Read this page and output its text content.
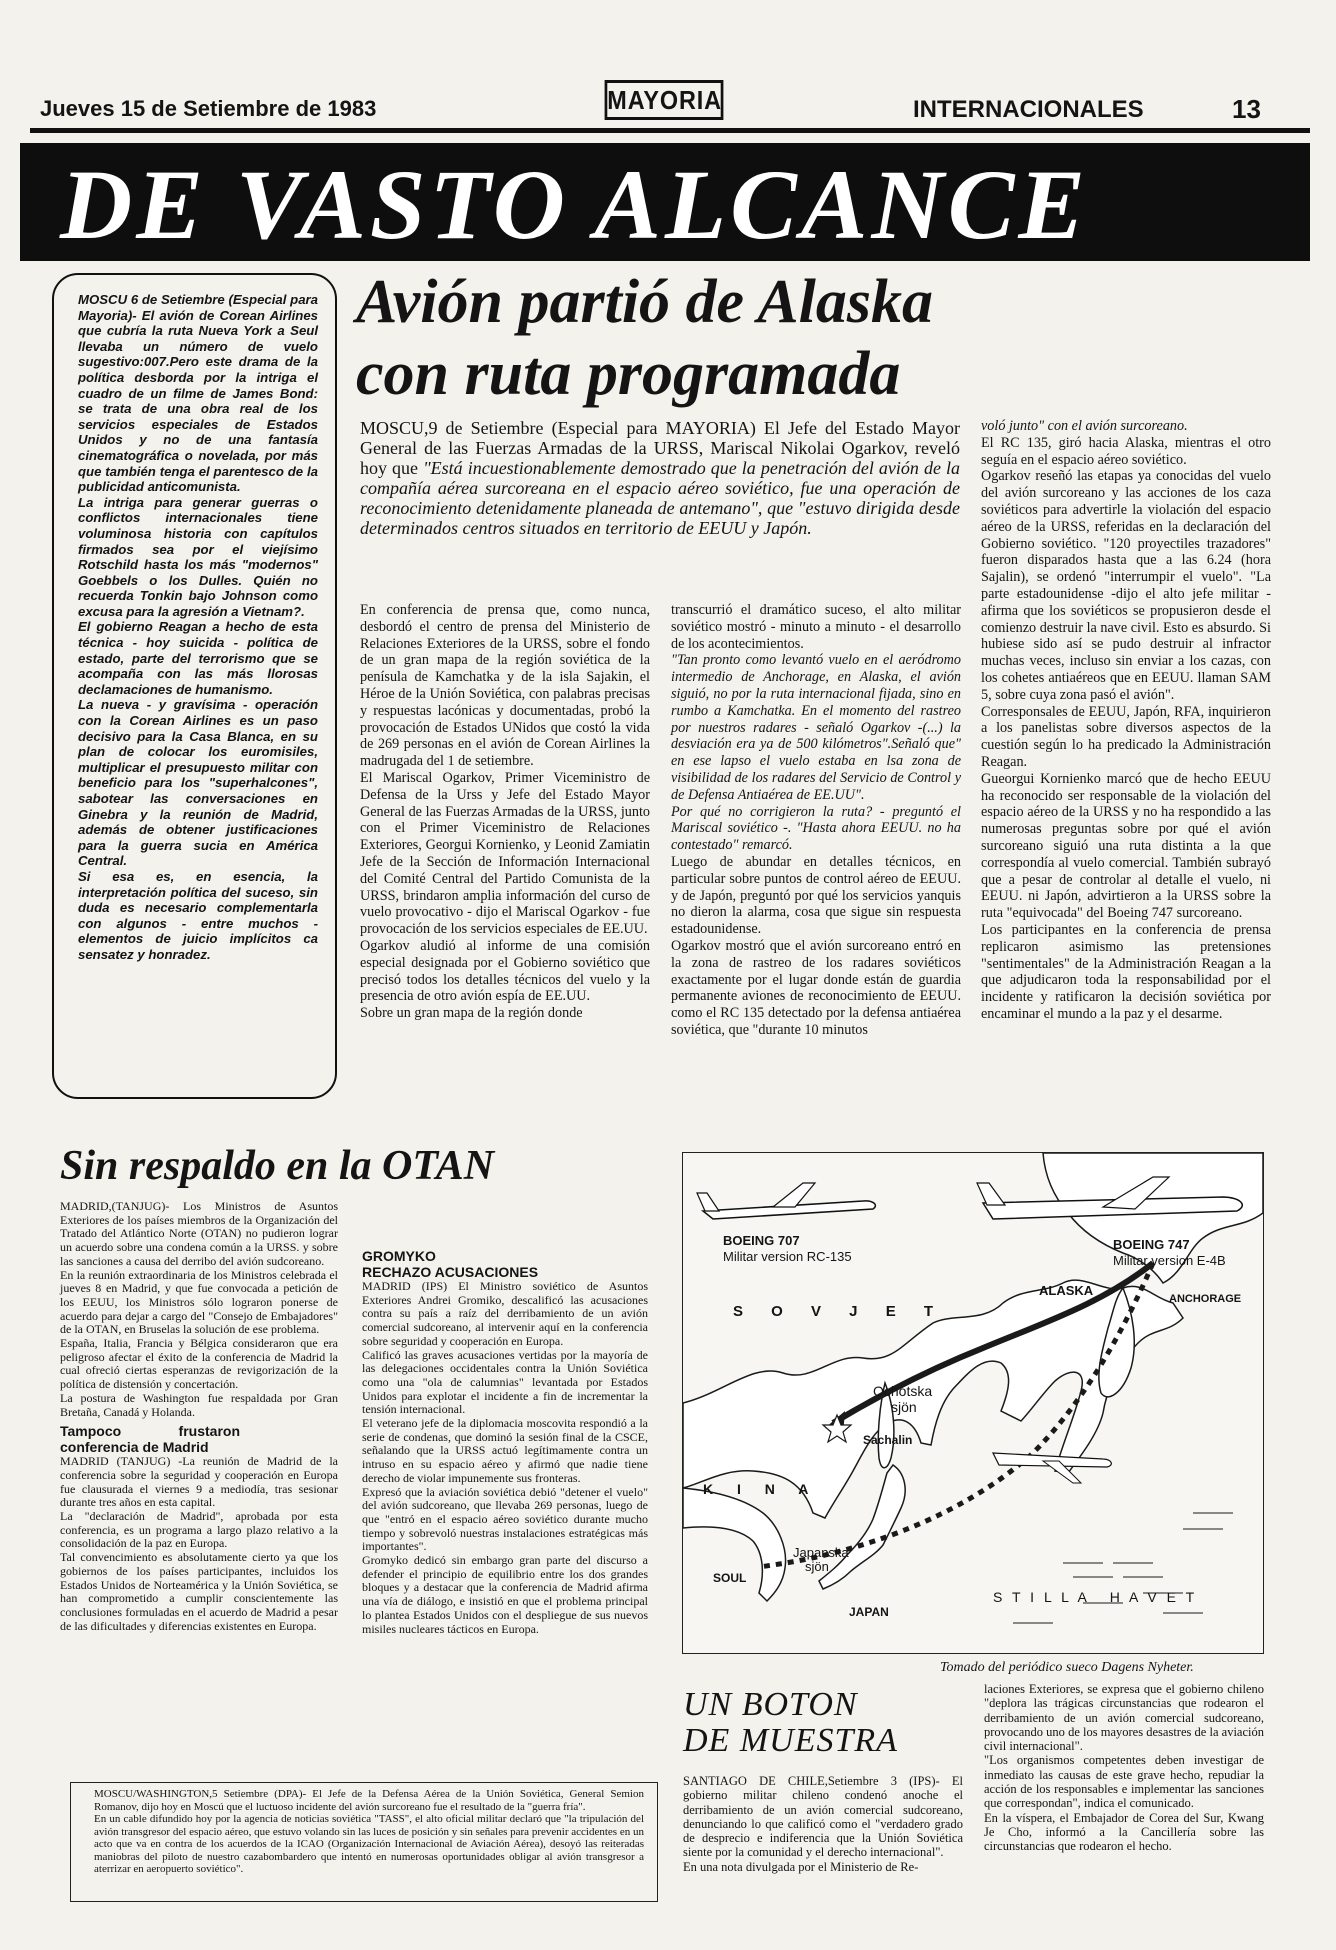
Jueves 15 de Setiembre de 1983	MAYORIA	INTERNACIONALES	13
DE VASTO ALCANCE

MOSCU 6 de Setiembre (Especial para Mayoria)- El avión de Corean Airlines que cubría la ruta Nueva York a Seul llevaba un número de vuelo sugestivo:007.Pero este drama de la política desborda por la intriga el cuadro de un filme de James Bond: se trata de una obra real de los servicios especiales de Estados Unidos y no de una fantasía cinematográfica o novelada, por más que también tenga el parentesco de la publicidad anticomunista.

La intriga para generar guerras o conflictos internacionales tiene voluminosa historia con capítulos firmados sea por el viejísimo Rotschild hasta los más "modernos" Goebbels o los Dulles. Quién no recuerda Tonkin bajo Johnson como excusa para la agresión a Vietnam?.

El gobierno Reagan a hecho de esta técnica - hoy suicida - política de estado, parte del terrorismo que se acompaña con las más llorosas declamaciones de humanismo.

La nueva - y gravísima - operación con la Corean Airlines es un paso decisivo para la Casa Blanca, en su plan de colocar los euromisiles, multiplicar el presupuesto militar con beneficio para los "superhalcones", sabotear las conversaciones en Ginebra y la reunión de Madrid, además de obtener justificaciones para la guerra sucia en América Central.

Si esa es, en esencia, la interpretación política del suceso, sin duda es necesario complementarla con algunos - entre muchos - elementos de juicio implícitos ca sensatez y honradez.

Avión partió de Alaska
con ruta programada
MOSCU,9 de Setiembre (Especial para MAYORIA) El Jefe del Estado Mayor General de las Fuerzas Armadas de la URSS, Mariscal Nikolai Ogarkov, reveló hoy que "Está incuestionablemente demostrado que la penetración del avión de la compañía aérea surcoreana en el espacio aéreo soviético, fue una operación de reconocimiento detenidamente planeada de antemano", que "estuvo dirigida desde determinados centros situados en territorio de EEUU y Japón.

En conferencia de prensa que, como nunca, desbordó el centro de prensa del Ministerio de Relaciones Exteriores de la URSS, sobre el fondo de un gran mapa de la región soviética de la penísula de Kamchatka y de la isla Sajakin, el Héroe de la Unión Soviética, con palabras precisas y respuestas lacónicas y documentadas, probó la provocación de Estados UNidos que costó la vida de 269 personas en el avión de Corean Airlines la madrugada del 1 de setiembre.

El Mariscal Ogarkov, Primer Viceministro de Defensa de la Urss y Jefe del Estado Mayor General de las Fuerzas Armadas de la URSS, junto con el Primer Viceministro de Relaciones Exteriores, Georgui Kornienko, y Leonid Zamiatin Jefe de la Sección de Información Internacional del Comité Central del Partido Comunista de la URSS, brindaron amplia información del curso de vuelo provocativo - dijo el Mariscal Ogarkov - fue provocación de los servicios especiales de EE.UU.

Ogarkov aludió al informe de una comisión especial designada por el Gobierno soviético que precisó todos los detalles técnicos del vuelo y la presencia de otro avión espía de EE.UU.

Sobre un gran mapa de la región donde

transcurrió el dramático suceso, el alto militar soviético mostró - minuto a minuto - el desarrollo de los acontecimientos.

"Tan pronto como levantó vuelo en el aeródromo intermedio de Anchorage, en Alaska, el avión siguió, no por la ruta internacional fijada, sino en rumbo a Kamchatka. En el momento del rastreo por nuestros radares - señaló Ogarkov -(...) la desviación era ya de 500 kilómetros".Señaló que" en ese lapso el vuelo estaba en lsa zona de visibilidad de los radares del Servicio de Control y de Defensa Antiaérea de EE.UU".

Por qué no corrigieron la ruta? - preguntó el Mariscal soviético -. "Hasta ahora EEUU. no ha contestado" remarcó.

Luego de abundar en detalles técnicos, en particular sobre puntos de control aéreo de EEUU. y de Japón, preguntó por qué los servicios yanquis no dieron la alarma, cosa que sigue sin respuesta estadounidense.

Ogarkov mostró que el avión surcoreano entró en la zona de rastreo de los radares soviéticos exactamente por el lugar donde están de guardia permanente aviones de reconocimiento de EEUU. como el RC 135 detectado por la defensa antiaérea soviética, que "durante 10 minutos

voló junto" con el avión surcoreano.

El RC 135, giró hacia Alaska, mientras el otro seguía en el espacio aéreo soviético.

Ogarkov reseñó las etapas ya conocidas del vuelo del avión surcoreano y las acciones de los caza soviéticos para advertirle la violación del espacio aéreo de la URSS, referidas en la declaración del Gobierno soviético. "120 proyectiles trazadores" fueron disparados hasta que a las 6.24 (hora Sajalin), se ordenó "interrumpir el vuelo". "La parte estadounidense -dijo el alto jefe militar -afirma que los soviéticos se propusieron desde el comienzo destruir la nave civil. Esto es absurdo. Si hubiese sido así se pudo destruir al infractor muchas veces, incluso sin enviar a los cazas, con los cohetes antiaéreos que en EEUU. llaman SAM 5, sobre cuya zona pasó el avión".

Corresponsales de EEUU, Japón, RFA, inquirieron a los panelistas sobre diversos aspectos de la cuestión según lo ha predicado la Administración Reagan.

Gueorgui Kornienko marcó que de hecho EEUU ha reconocido ser responsable de la violación del espacio aéreo de la URSS y no ha respondido a las numerosas preguntas sobre por qué el avión surcoreano siguió una ruta distinta a la que correspondía al vuelo comercial. También subrayó que a pesar de controlar al detalle el vuelo, ni EEUU. ni Japón, advirtieron a la URSS sobre la ruta "equivocada" del Boeing 747 surcoreano.

Los participantes en la conferencia de prensa replicaron asimismo las pretensiones "sentimentales" de la Administración Reagan a la que adjudicaron toda la responsabilidad por el incidente y ratificaron la decisión soviética por encaminar el mundo a la paz y el desarme.

Sin respaldo en la OTAN

MADRID,(TANJUG)- Los Ministros de Asuntos Exteriores de los países miembros de la Organización del Tratado del Atlántico Norte (OTAN) no pudieron lograr un acuerdo sobre una condena común a la URSS. y sobre las sanciones a causa del derribo del avión sudcoreano.

En la reunión extraordinaria de los Ministros celebrada el jueves 8 en Madrid, y que fue convocada a petición de los EEUU, los Ministros sólo lograron ponerse de acuerdo para dejar a cargo del "Consejo de Embajadores" de la OTAN, en Bruselas la solución de ese problema.

España, Italia, Francia y Bélgica consideraron que era peligroso afectar el éxito de la conferencia de Madrid la cual ofreció ciertas esperanzas de revigorización de la política de distensión y concertación.

La postura de Washington fue respaldada por Gran Bretaña, Canadá y Holanda.

Tampoco frustaron conferencia de Madrid

MADRID (TANJUG) -La reunión de Madrid de la conferencia sobre la seguridad y cooperación en Europa fue clausurada el viernes 9 a mediodía, tras sesionar durante tres años en esta capital.

La "declaración de Madrid", aprobada por esta conferencia, es un programa a largo plazo relativo a la consolidación de la paz en Europa.

Tal convencimiento es absolutamente cierto ya que los gobiernos de los países participantes, incluidos los Estados Unidos de Norteamérica y la Unión Soviética, se han comprometido a cumplir conscientemente las conclusiones formuladas en el acuerdo de Madrid a pesar de las dificultades y diferencias existentes en Europa.

GROMYKO
RECHAZO ACUSACIONES

MADRID (IPS) El Ministro soviético de Asuntos Exteriores Andrei Gromiko, descalificó las acusaciones contra su país a raíz del derribamiento de un avión comercial sudcoreano, al intervenir aquí en la conferencia sobre seguridad y cooperación en Europa.

Calificó las graves acusaciones vertidas por la mayoría de las delegaciones occidentales contra la Unión Soviética como una "ola de calumnias" levantada por Estados Unidos para explotar el incidente a fin de incrementar la tensión internacional.

El veterano jefe de la diplomacia moscovita respondió a la serie de condenas, que dominó la sesión final de la CSCE, señalando que la URSS actuó legítimamente contra un intruso en su espacio aéreo y afirmó que nadie tiene derecho de violar impunemente sus fronteras.

Expresó que la aviación soviética debió "detener el vuelo" del avión sudcoreano, que llevaba 269 personas, luego de que "entró en el espacio aéreo soviético durante mucho tiempo y sobrevoló nuestras instalaciones estratégicas más importantes".

Gromyko dedicó sin embargo gran parte del discurso a defender el principio de equilibrio entre los dos grandes bloques y a destacar que la conferencia de Madrid afirma una vía de diálogo, e insistió en que el problema principal lo plantea Estados Unidos con el despliegue de sus nuevos misiles nucleares tácticos en Europa.

MOSCU/WASHINGTON,5 Setiembre (DPA)- El Jefe de la Defensa Aérea de la Unión Soviética, General Semion Romanov, dijo hoy en Moscú que el luctuoso incidente del avión surcoreano fue el resultado de la "guerra fría".

En un cable difundido hoy por la agencia de noticias soviética "TASS", el alto oficial militar declaró que "la tripulación del avión transgresor del espacio aéreo, que estuvo volando sin las luces de posición y sin señales para prevenir accidentes en un acto que va en contra de los acuerdos de la ICAO (Organización Internacional de Aviación Aérea), desoyó las reiteradas maniobras del piloto de nuestro cazabombardero que intentó en numerosas oportunidades obligar al avión transgresor a aterrizar en aeropuerto soviético".

BOEING 707
Militar version RC-135
BOEING 747
Militar version E-4B
ALASKA
ANCHORAGE
S O V J E T
Ochotska
sjön
Sachalin
K I N A
Japanska
sjön
SOUL
JAPAN
S T I L L A   H A V E T
Tomado del periódico sueco Dagens Nyheter.
UN BOTON
DE MUESTRA

SANTIAGO DE CHILE,Setiembre 3 (IPS)- El gobierno militar chileno condenó anoche el derribamiento de un avión comercial sudcoreano, denunciando lo que calificó como el "verdadero grado de desprecio e indiferencia que la Unión Soviética siente por la comunidad y el derecho internacional".

En una nota divulgada por el Ministerio de Re-

laciones Exteriores, se expresa que el gobierno chileno "deplora las trágicas circunstancias que rodearon el derribamiento de un avión comercial sudcoreano, provocando uno de los mayores desastres de la aviación civil internacional".

"Los organismos competentes deben investigar de inmediato las causas de este grave hecho, repudiar la acción de los responsables e implementar las sanciones que correspondan", indica el comunicado.

En la víspera, el Embajador de Corea del Sur, Kwang Je Cho, informó a la Cancillería sobre las circunstancias que rodearon el hecho.
